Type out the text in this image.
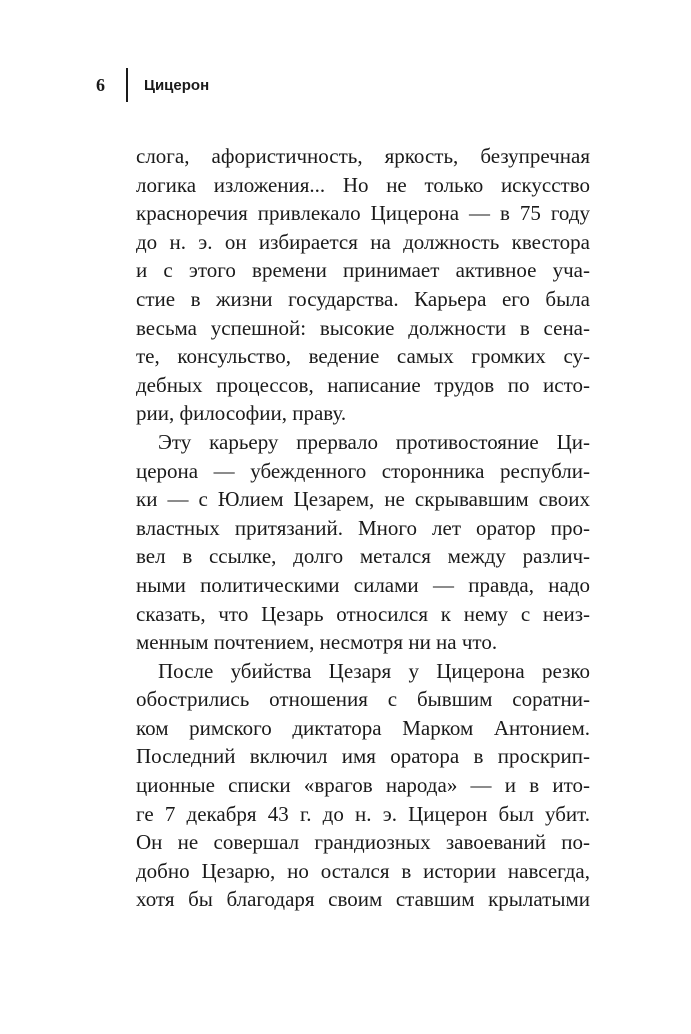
6	Цицерон
слога, афористичность, яркость, безупречная
логика изложения... Но не только искусство
красноречия привлекало Цицерона — в 75 году
до н. э. он избирается на должность квестора
и с этого времени принимает активное уча-
стие в жизни государства. Карьера его была
весьма успешной: высокие должности в сена-
те, консульство, ведение самых громких су-
дебных процессов, написание трудов по исто-
рии, философии, праву.
Эту карьеру прервало противостояние Ци-
церона — убежденного сторонника республи-
ки — с Юлием Цезарем, не скрывавшим своих
властных притязаний. Много лет оратор про-
вел в ссылке, долго метался между различ-
ными политическими силами — правда, надо
сказать, что Цезарь относился к нему с неиз-
менным почтением, несмотря ни на что.
После убийства Цезаря у Цицерона резко
обострились отношения с бывшим соратни-
ком римского диктатора Марком Антонием.
Последний включил имя оратора в проскрип-
ционные списки «врагов народа» — и в ито-
ге 7 декабря 43 г. до н. э. Цицерон был убит.
Он не совершал грандиозных завоеваний по-
добно Цезарю, но остался в истории навсегда,
хотя бы благодаря своим ставшим крылатыми
